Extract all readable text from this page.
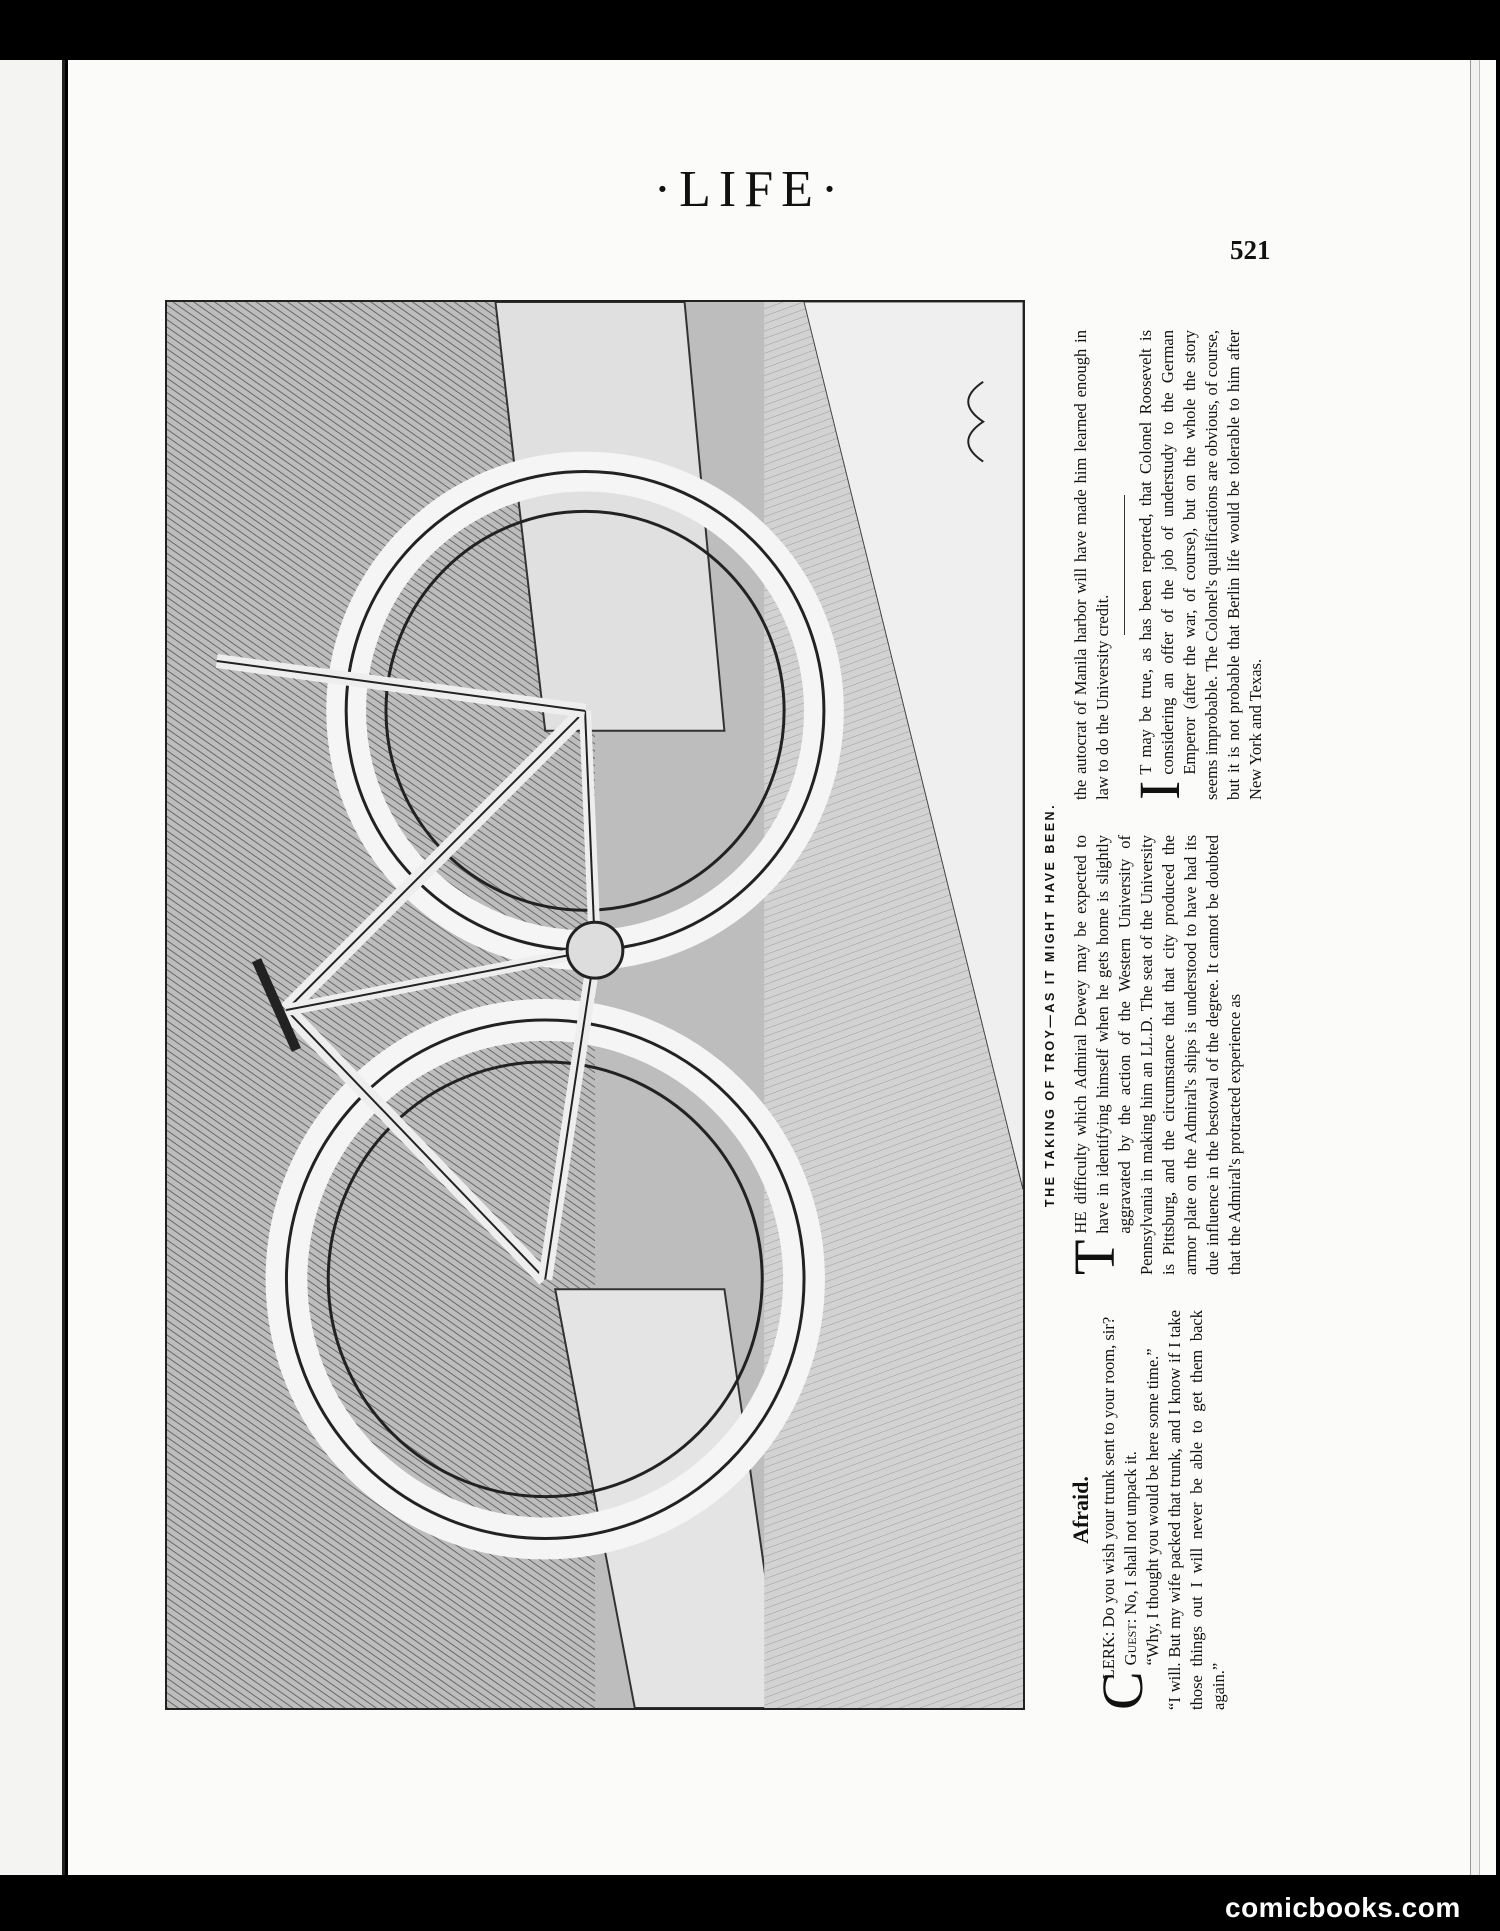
·LIFE·
521
THE TAKING OF TROY—AS IT MIGHT HAVE BEEN.
Afraid.

C
LERK: Do you wish your trunk sent to your room, sir? Guest: No, I shall not unpack it. “Why, I thought you would be here some time.” “I will. But my wife packed that trunk, and I know if I take those things out I will never be able to get them back again.”

T
HE difficulty which Admiral Dewey may be expected to have in identifying himself when he gets home is slightly aggravated by the action of the Western University of Pennsylvania in making him an LL.D. The seat of the University is Pittsburg, and the circumstance that that city produced the armor plate on the Admiral's ships is understood to have had its due influence in the bestowal of the degree. It cannot be doubted that the Admiral's protracted experience as

the autocrat of Manila harbor will have made him learned enough in law to do the University credit. I
T may be true, as has been reported, that Colonel Roosevelt is considering an offer of the job of understudy to the German Emperor (after the war, of course), but on the whole the story seems improbable. The Colonel's qualifications are obvious, of course, but it is not probable that Berlin life would be tolerable to him after New York and Texas.

comicbooks.com
